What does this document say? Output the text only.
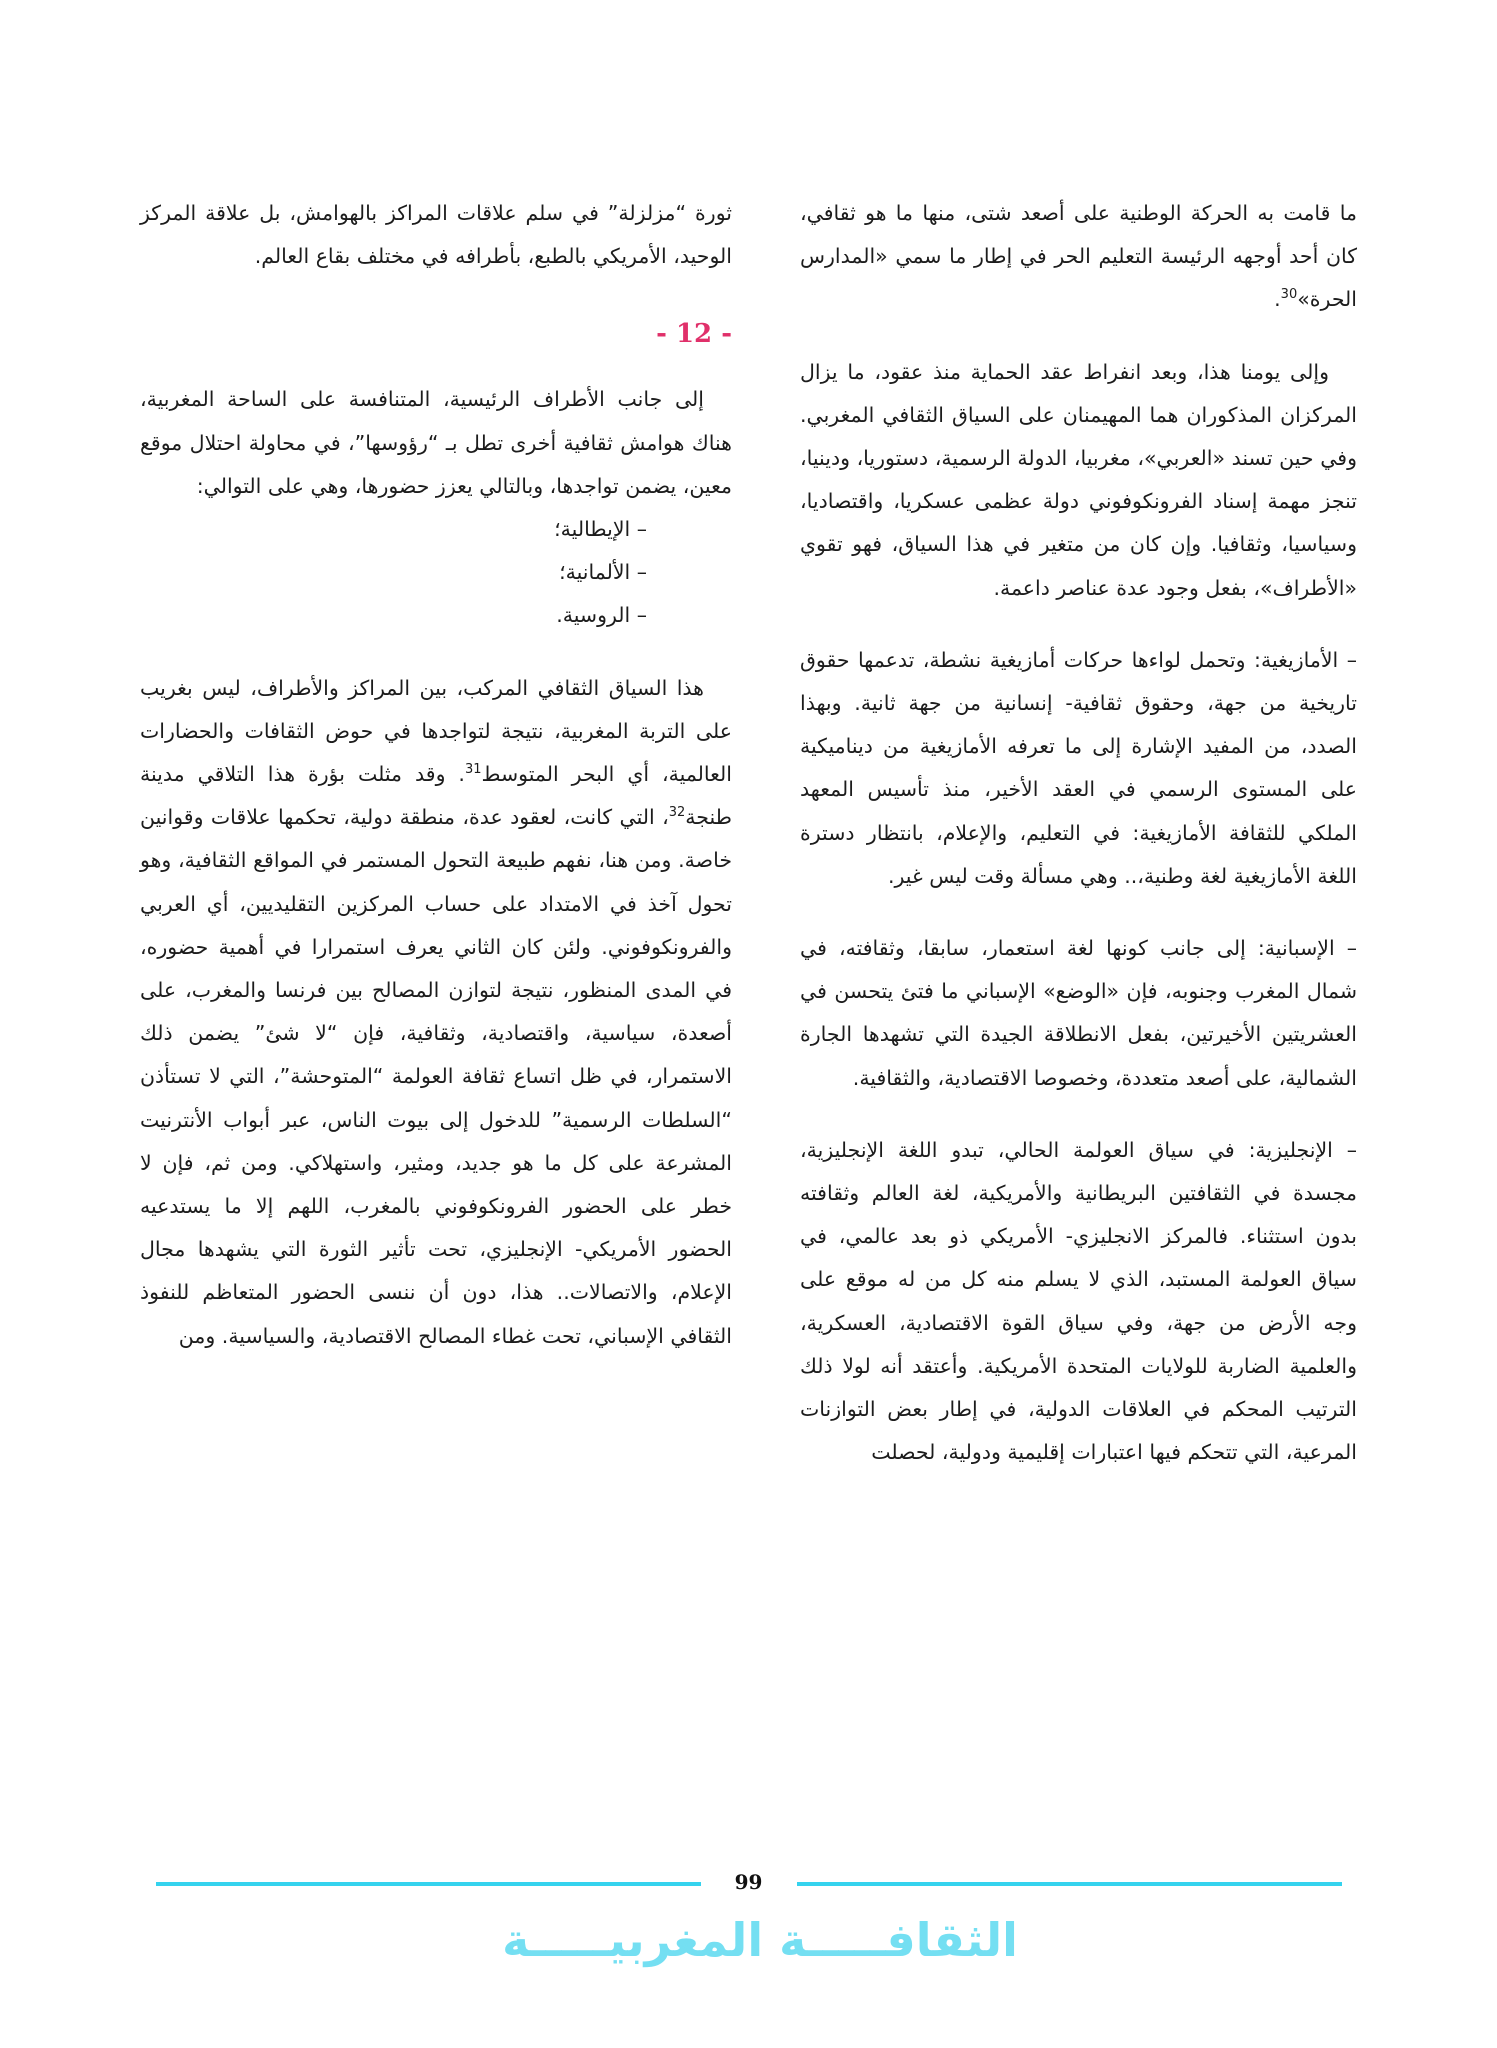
ما قامت به الحركة الوطنية على أصعد شتى، منها ما هو ثقافي، كان أحد أوجهه الرئيسة التعليم الحر في إطار ما سمي «المدارس الحرة»$^{30}$.

وإلى يومنا هذا، وبعد انفراط عقد الحماية منذ عقود، ما يزال المركزان المذكوران هما المهيمنان على السياق الثقافي المغربي. وفي حين تسند «العربي»، مغربيا، الدولة الرسمية، دستوريا، ودينيا، تنجز مهمة إسناد الفرونكوفوني دولة عظمى عسكريا، واقتصاديا، وسياسيا، وثقافيا. وإن كان من متغير في هذا السياق، فهو تقوي «الأطراف»، بفعل وجود عدة عناصر داعمة.

– الأمازيغية: وتحمل لواءها حركات أمازيغية نشطة، تدعمها حقوق تاريخية من جهة، وحقوق ثقافية- إنسانية من جهة ثانية. وبهذا الصدد، من المفيد الإشارة إلى ما تعرفه الأمازيغية من ديناميكية على المستوى الرسمي في العقد الأخير، منذ تأسيس المعهد الملكي للثقافة الأمازيغية: في التعليم، والإعلام، بانتظار دسترة اللغة الأمازيغية لغة وطنية،.. وهي مسألة وقت ليس غير.

– الإسبانية: إلى جانب كونها لغة استعمار، سابقا، وثقافته، في شمال المغرب وجنوبه، فإن «الوضع» الإسباني ما فتئ يتحسن في العشريتين الأخيرتين، بفعل الانطلاقة الجيدة التي تشهدها الجارة الشمالية، على أصعد متعددة، وخصوصا الاقتصادية، والثقافية.

– الإنجليزية: في سياق العولمة الحالي، تبدو اللغة الإنجليزية، مجسدة في الثقافتين البريطانية والأمريكية، لغة العالم وثقافته بدون استثناء. فالمركز الانجليزي- الأمريكي ذو بعد عالمي، في سياق العولمة المستبد، الذي لا يسلم منه كل من له موقع على وجه الأرض من جهة، وفي سياق القوة الاقتصادية، العسكرية، والعلمية الضاربة للولايات المتحدة الأمريكية. وأعتقد أنه لولا ذلك الترتيب المحكم في العلاقات الدولية، في إطار بعض التوازنات المرعية، التي تتحكم فيها اعتبارات إقليمية ودولية، لحصلت

ثورة “مزلزلة” في سلم علاقات المراكز بالهوامش، بل علاقة المركز الوحيد، الأمريكي بالطبع، بأطرافه في مختلف بقاع العالم.

- 12 -

إلى جانب الأطراف الرئيسية، المتنافسة على الساحة المغربية، هناك هوامش ثقافية أخرى تطل بـ “رؤوسها”، في محاولة احتلال موقع معين، يضمن تواجدها، وبالتالي يعزز حضورها، وهي على التوالي:

– الإيطالية؛

– الألمانية؛

– الروسية.

هذا السياق الثقافي المركب، بين المراكز والأطراف، ليس بغريب على التربة المغربية، نتيجة لتواجدها في حوض الثقافات والحضارات العالمية، أي البحر المتوسط$^{31}$. وقد مثلت بؤرة هذا التلاقي مدينة طنجة$^{32}$، التي كانت، لعقود عدة، منطقة دولية، تحكمها علاقات وقوانين خاصة. ومن هنا، نفهم طبيعة التحول المستمر في المواقع الثقافية، وهو تحول آخذ في الامتداد على حساب المركزين التقليديين، أي العربي والفرونكوفوني. ولئن كان الثاني يعرف استمرارا في أهمية حضوره، في المدى المنظور، نتيجة لتوازن المصالح بين فرنسا والمغرب، على أصعدة، سياسية، واقتصادية، وثقافية، فإن “لا شئ” يضمن ذلك الاستمرار، في ظل اتساع ثقافة العولمة “المتوحشة”، التي لا تستأذن “السلطات الرسمية” للدخول إلى بيوت الناس، عبر أبواب الأنترنيت المشرعة على كل ما هو جديد، ومثير، واستهلاكي. ومن ثم، فإن لا خطر على الحضور الفرونكوفوني بالمغرب، اللهم إلا ما يستدعيه الحضور الأمريكي- الإنجليزي، تحت تأثير الثورة التي يشهدها مجال الإعلام، والاتصالات.. هذا، دون أن ننسى الحضور المتعاظم للنفوذ الثقافي الإسباني، تحت غطاء المصالح الاقتصادية، والسياسية. ومن

99
الثقافـــــة المغربيـــــة
